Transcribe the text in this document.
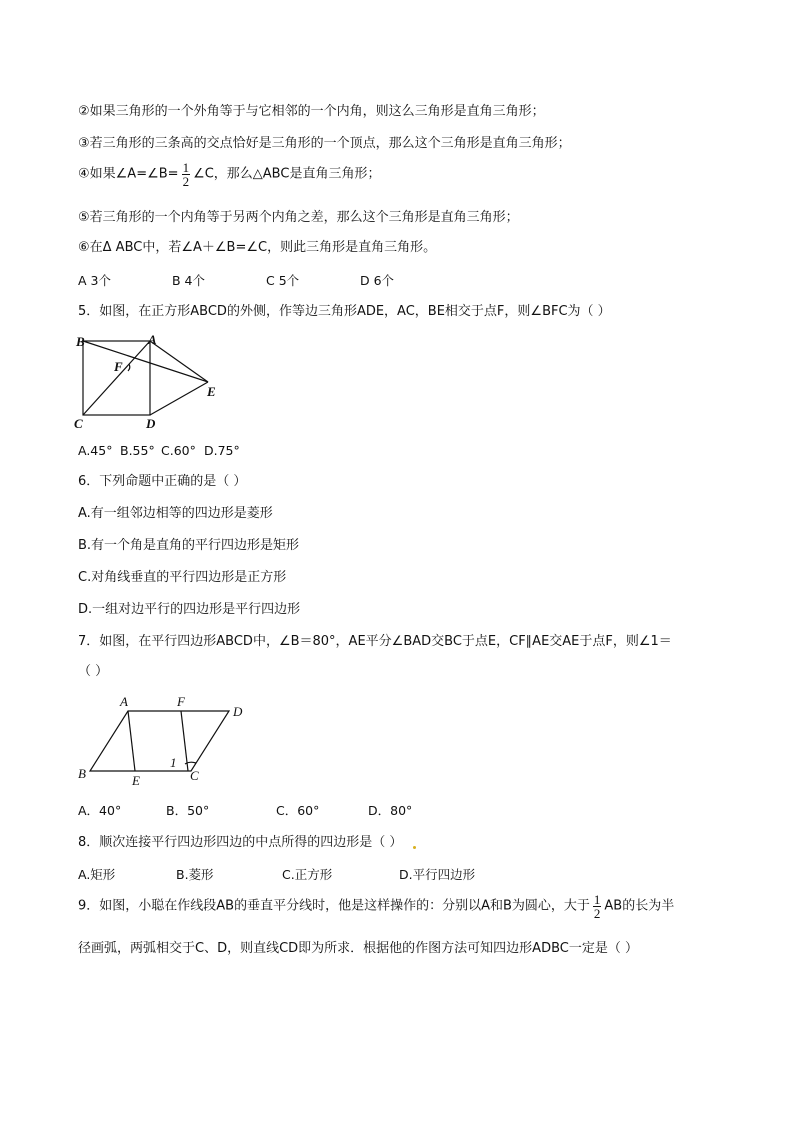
②如果三角形的一个外角等于与它相邻的一个内角，则这么三角形是直角三角形；
③若三角形的三条高的交点恰好是三角形的一个顶点，那么这个三角形是直角三角形；
④如果∠A=∠B= $\frac{1}{2}$ ∠C，那么△ABC是直角三角形；
⑤若三角形的一个内角等于另两个内角之差，那么这个三角形是直角三角形；
⑥在Δ ABC中，若∠A＋∠B=∠C，则此三角形是直角三角形。
A 3个	B 4个	C 5个	D 6个
5．如图，在正方形ABCD的外侧，作等边三角形ADE，AC，BE相交于点F，则∠BFC为（ ）
B	A
F
E
C	D
A.45° B.55° C.60° D.75°
6．下列命题中正确的是（ ）
A.有一组邻边相等的四边形是菱形
B.有一个角是直角的平行四边形是矩形
C.对角线垂直的平行四边形是正方形
D.一组对边平行的四边形是平行四边形
7．如图，在平行四边形ABCD中，∠B＝80°，AE平分∠BAD交BC于点E，CF∥AE交AE于点F，则∠1＝
（ ）
A	F
D
B	E	C
1
A．40°	B．50°	C．60°	D．80°
8．顺次连接平行四边形四边的中点所得的四边形是（ ）
A.矩形	B.菱形	C.正方形	D.平行四边形
9．如图，小聪在作线段AB的垂直平分线时，他是这样操作的：分别以A和B为圆心，大于 $\frac{1}{2}$ AB的长为半
径画弧，两弧相交于C、D，则直线CD即为所求．根据他的作图方法可知四边形ADBC一定是（ ）
